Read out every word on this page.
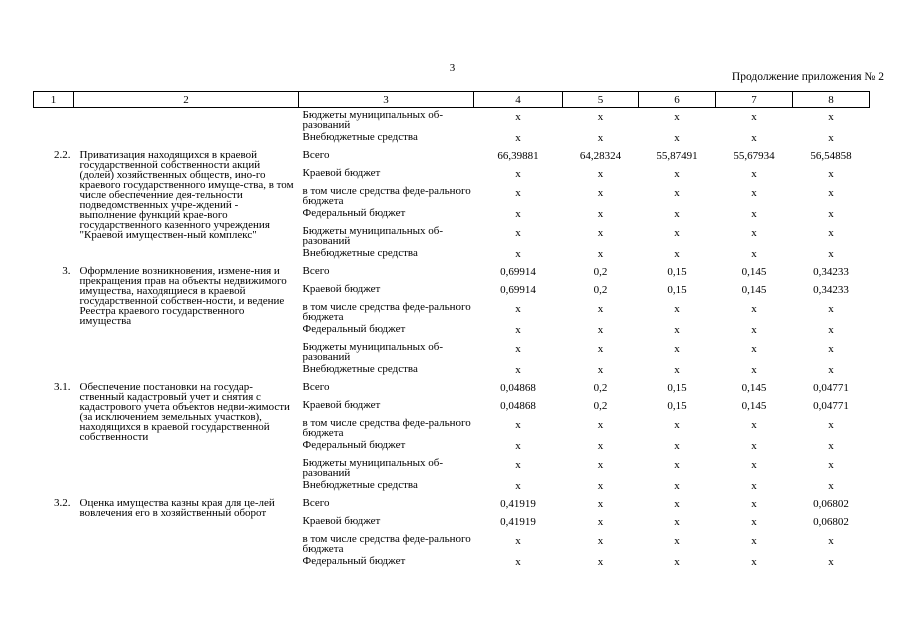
3
Продолжение приложения № 2
1	2	3	4	5	6	7	8
		Бюджеты муниципальных об-разований	x	x	x	x	x
		Внебюджетные средства	x	x	x	x	x
2.2.	Приватизация находящихся в краевой государственной собственности акций (долей) хозяйственных обществ, ино-го краевого государственного имуще-ства, в том числе обеспеченние дея-тельности подведомственных учре-ждений - выполнение функций крае-вого государственного казенного учреждения "Краевой имуществен-ный комплекс"	Всего	66,39881	64,28324	55,87491	55,67934	56,54858
		Краевой бюджет	x	x	x	x	x
		в том числе средства феде-рального бюджета	x	x	x	x	x
		Федеральный бюджет	x	x	x	x	x
		Бюджеты муниципальных об-разований	x	x	x	x	x
		Внебюджетные средства	x	x	x	x	x
3.	Оформление возникновения, измене-ния и прекращения прав на объекты недвижимого имущества, находящиеся в краевой государственной собствен-ности, и ведение Реестра краевого государственного имущества	Всего	0,69914	0,2	0,15	0,145	0,34233
		Краевой бюджет	0,69914	0,2	0,15	0,145	0,34233
		в том числе средства феде-рального бюджета	x	x	x	x	x
		Федеральный бюджет	x	x	x	x	x
		Бюджеты муниципальных об-разований	x	x	x	x	x
		Внебюджетные средства	x	x	x	x	x
3.1.	Обеспечение постановки на государ-ственный кадастровый учет и снятия с кадастрового учета объектов недви-жимости (за исключением земельных участков), находящихся в краевой государственной собственности	Всего	0,04868	0,2	0,15	0,145	0,04771
		Краевой бюджет	0,04868	0,2	0,15	0,145	0,04771
		в том числе средства феде-рального бюджета	x	x	x	x	x
		Федеральный бюджет	x	x	x	x	x
		Бюджеты муниципальных об-разований	x	x	x	x	x
		Внебюджетные средства	x	x	x	x	x
3.2.	Оценка имущества казны края для це-лей вовлечения его в хозяйственный оборот	Всего	0,41919	x	x	x	0,06802
		Краевой бюджет	0,41919	x	x	x	0,06802
		в том числе средства феде-рального бюджета	x	x	x	x	x
		Федеральный бюджет	x	x	x	x	x
